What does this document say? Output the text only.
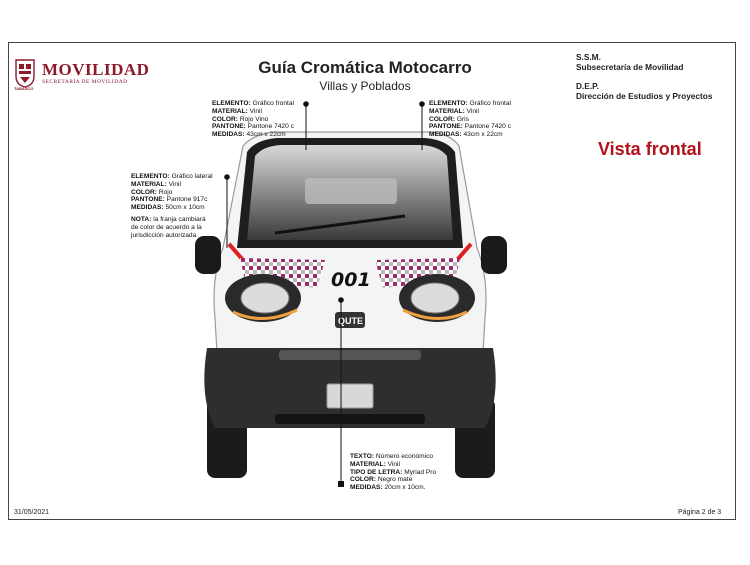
MOVILIDAD
SECRETARÍA DE MOVILIDAD
TABASCO
Guía Cromática Motocarro
Villas y Poblados
S.S.M.
Subsecretaría de Movilidad
D.E.P.
Dirección de Estudios y Proyectos
Vista frontal
001
QUTE
ELEMENTO: Gráfico frontal
MATERIAL: Vinil
COLOR: Rojo Vino
PANTONE: Pantone 7420 c
MEDIDAS: 43cm x 22cm
ELEMENTO: Gráfico frontal
MATERIAL: Vinil
COLOR: Gris
PANTONE: Pantone 7420 c
MEDIDAS: 43cm x 22cm
ELEMENTO: Gráfico lateral
MATERIAL: Vinil
COLOR: Rojo
PANTONE: Pantone 917c
MEDIDAS: 50cm x 10cm
NOTA: la franja cambiará
de color de acuerdo a la
jurisdicción autorizada
TEXTO: Número económico
MATERIAL: Vinil
TIPO DE LETRA: Myriad Pro
COLOR: Negro mate
MEDIDAS: 20cm x 10cm.
31/05/2021	Página 2 de 3
